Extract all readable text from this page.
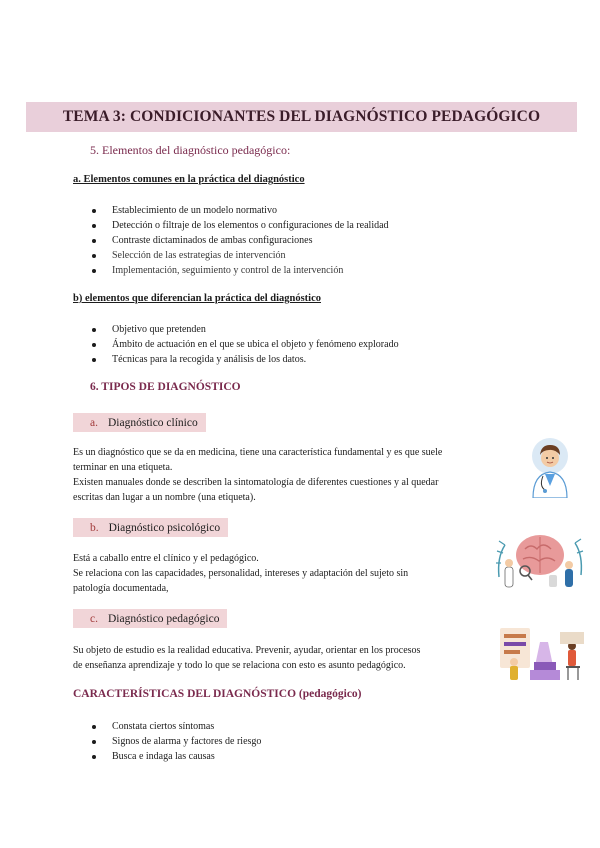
TEMA 3: CONDICIONANTES DEL DIAGNÓSTICO PEDAGÓGICO
5. Elementos del diagnóstico pedagógico:
a. Elementos comunes en la práctica del diagnóstico
Establecimiento de un modelo normativo
Detección o filtraje de los elementos o configuraciones de la realidad
Contraste dictaminados de ambas configuraciones
Selección de las estrategias de intervención
Implementación, seguimiento y control de la intervención
b) elementos que diferencian la práctica del diagnóstico
Objetivo que pretenden
Ámbito de actuación en el que se ubica el objeto y fenómeno explorado
Técnicas para la recogida y análisis de los datos.
6. TIPOS DE DIAGNÓSTICO
a. Diagnóstico clínico
Es un diagnóstico que se da en medicina, tiene una característica fundamental y es que suele
terminar en una etiqueta.
Existen manuales donde se describen la sintomatología de diferentes cuestiones y al quedar
escritas dan lugar a un nombre (una etiqueta).
b. Diagnóstico psicológico
Está a caballo entre el clínico y el pedagógico.
Se relaciona con las capacidades, personalidad, intereses y adaptación del sujeto sin
patología documentada,
c. Diagnóstico pedagógico
Su objeto de estudio es la realidad educativa. Prevenir, ayudar, orientar en los procesos
de enseñanza aprendizaje y todo lo que se relaciona con esto es asunto pedagógico.
CARACTERÍSTICAS DEL DIAGNÓSTICO (pedagógico)
Constata ciertos síntomas
Signos de alarma y factores de riesgo
Busca e indaga las causas
